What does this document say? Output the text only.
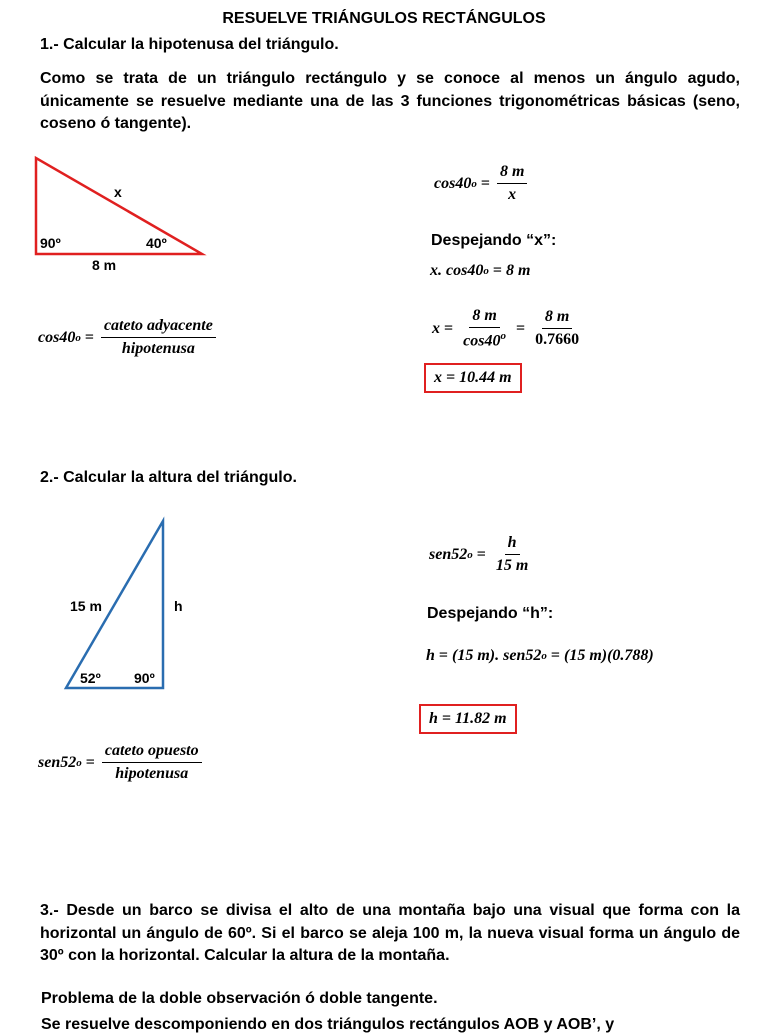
RESUELVE TRIÁNGULOS RECTÁNGULOS
1.- Calcular la hipotenusa del triángulo.
Como se trata de un triángulo rectángulo y se conoce al menos un ángulo agudo, únicamente se resuelve mediante una de las 3 funciones trigonométricas básicas (seno, coseno ó tangente).
x
90º	40º
8 m
cos40 $o = \frac{\text{cateto adyacente}}{\text{hipotenusa}}$
cos40 $o = \frac{8 m}{x}$
Despejando “x”:
x. cos40 o = 8 m
$x = \frac{8 m}{\cos 40^o} = \frac{8 m}{0.7660}$
x = 10.44 m
2.- Calcular la altura del triángulo.
15 m	h
52º 90º
sen52 $o = \frac{\text{cateto opuesto}}{\text{hipotenusa}}$
sen52 $o = \frac{h}{15 m}$
Despejando “h”:
h = (15 m). sen52 o = (15 m)(0.788)
h = 11.82 m
3.- Desde un barco se divisa el alto de una montaña bajo una visual que forma con la horizontal un ángulo de 60º. Si el barco se aleja 100 m, la nueva visual forma un ángulo de 30º con la horizontal. Calcular la altura de la montaña.
Problema de la doble observación ó doble tangente.
Se resuelve descomponiendo en dos triángulos rectángulos AOB y AOB’, y
